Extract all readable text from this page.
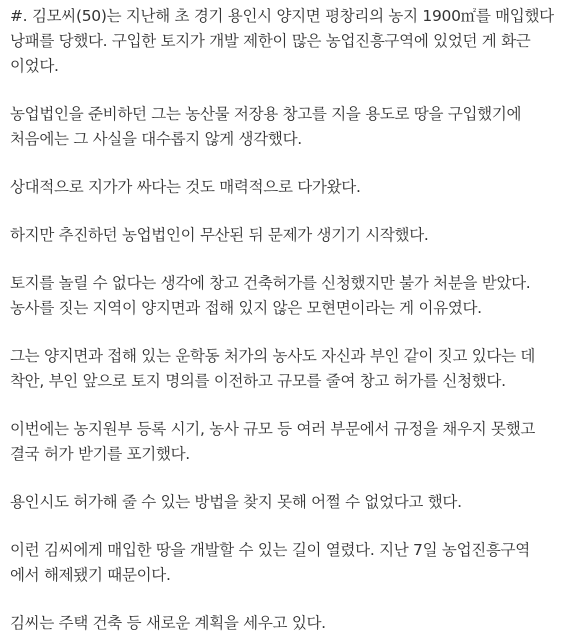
#. 김모씨(50)는 지난해 초 경기 용인시 양지면 평창리의 농지 1900㎡를 매입했다
낭패를 당했다. 구입한 토지가 개발 제한이 많은 농업진흥구역에 있었던 게 화근
이었다.

농업법인을 준비하던 그는 농산물 저장용 창고를 지을 용도로 땅을 구입했기에
처음에는 그 사실을 대수롭지 않게 생각했다.

상대적으로 지가가 싸다는 것도 매력적으로 다가왔다.

하지만 추진하던 농업법인이 무산된 뒤 문제가 생기기 시작했다.

토지를 놀릴 수 없다는 생각에 창고 건축허가를 신청했지만 불가 처분을 받았다.
농사를 짓는 지역이 양지면과 접해 있지 않은 모현면이라는 게 이유였다.

그는 양지면과 접해 있는 운학동 처가의 농사도 자신과 부인 같이 짓고 있다는 데
착안, 부인 앞으로 토지 명의를 이전하고 규모를 줄여 창고 허가를 신청했다.

이번에는 농지원부 등록 시기, 농사 규모 등 여러 부문에서 규정을 채우지 못했고
결국 허가 받기를 포기했다.

용인시도 허가해 줄 수 있는 방법을 찾지 못해 어쩔 수 없었다고 했다.

이런 김씨에게 매입한 땅을 개발할 수 있는 길이 열렸다. 지난 7일 농업진흥구역
에서 해제됐기 때문이다.

김씨는 주택 건축 등 새로운 계획을 세우고 있다.
